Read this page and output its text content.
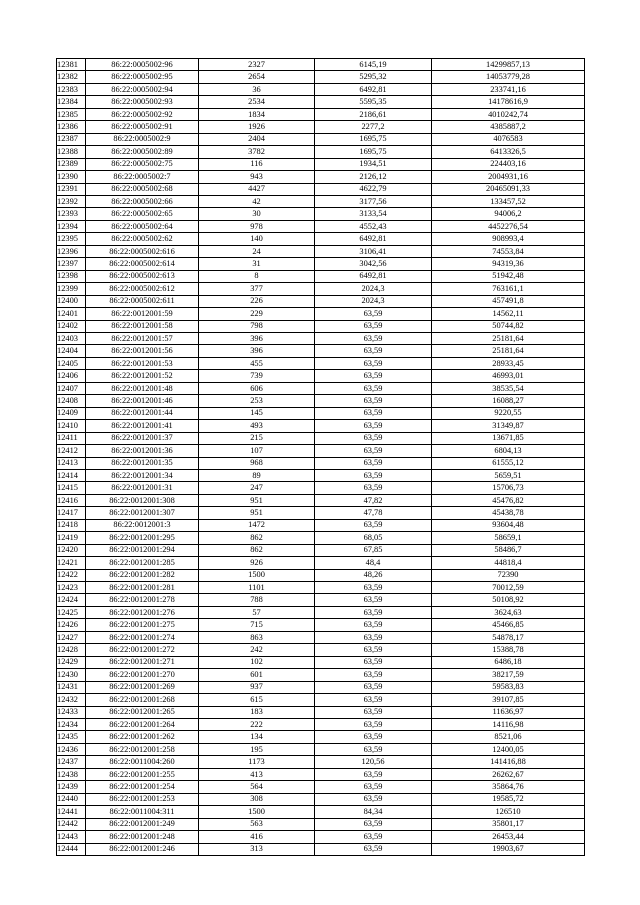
12381	86:22:0005002:96	2327	6145,19	14299857,13
12382	86:22:0005002:95	2654	5295,32	14053779,28
12383	86:22:0005002:94	36	6492,81	233741,16
12384	86:22:0005002:93	2534	5595,35	14178616,9
12385	86:22:0005002:92	1834	2186,61	4010242,74
12386	86:22:0005002:91	1926	2277,2	4385887,2
12387	86:22:0005002:9	2404	1695,75	4076583
12388	86:22:0005002:89	3782	1695,75	6413326,5
12389	86:22:0005002:75	116	1934,51	224403,16
12390	86:22:0005002:7	943	2126,12	2004931,16
12391	86:22:0005002:68	4427	4622,79	20465091,33
12392	86:22:0005002:66	42	3177,56	133457,52
12393	86:22:0005002:65	30	3133,54	94006,2
12394	86:22:0005002:64	978	4552,43	4452276,54
12395	86:22:0005002:62	140	6492,81	908993,4
12396	86:22:0005002:616	24	3106,41	74553,84
12397	86:22:0005002:614	31	3042,56	94319,36
12398	86:22:0005002:613	8	6492,81	51942,48
12399	86:22:0005002:612	377	2024,3	763161,1
12400	86:22:0005002:611	226	2024,3	457491,8
12401	86:22:0012001:59	229	63,59	14562,11
12402	86:22:0012001:58	798	63,59	50744,82
12403	86:22:0012001:57	396	63,59	25181,64
12404	86:22:0012001:56	396	63,59	25181,64
12405	86:22:0012001:53	455	63,59	28933,45
12406	86:22:0012001:52	739	63,59	46993,01
12407	86:22:0012001:48	606	63,59	38535,54
12408	86:22:0012001:46	253	63,59	16088,27
12409	86:22:0012001:44	145	63,59	9220,55
12410	86:22:0012001:41	493	63,59	31349,87
12411	86:22:0012001:37	215	63,59	13671,85
12412	86:22:0012001:36	107	63,59	6804,13
12413	86:22:0012001:35	968	63,59	61555,12
12414	86:22:0012001:34	89	63,59	5659,51
12415	86:22:0012001:31	247	63,59	15706,73
12416	86:22:0012001:308	951	47,82	45476,82
12417	86:22:0012001:307	951	47,78	45438,78
12418	86:22:0012001:3	1472	63,59	93604,48
12419	86:22:0012001:295	862	68,05	58659,1
12420	86:22:0012001:294	862	67,85	58486,7
12421	86:22:0012001:285	926	48,4	44818,4
12422	86:22:0012001:282	1500	48,26	72390
12423	86:22:0012001:281	1101	63,59	70012,59
12424	86:22:0012001:278	788	63,59	50108,92
12425	86:22:0012001:276	57	63,59	3624,63
12426	86:22:0012001:275	715	63,59	45466,85
12427	86:22:0012001:274	863	63,59	54878,17
12428	86:22:0012001:272	242	63,59	15388,78
12429	86:22:0012001:271	102	63,59	6486,18
12430	86:22:0012001:270	601	63,59	38217,59
12431	86:22:0012001:269	937	63,59	59583,83
12432	86:22:0012001:268	615	63,59	39107,85
12433	86:22:0012001:265	183	63,59	11636,97
12434	86:22:0012001:264	222	63,59	14116,98
12435	86:22:0012001:262	134	63,59	8521,06
12436	86:22:0012001:258	195	63,59	12400,05
12437	86:22:0011004:260	1173	120,56	141416,88
12438	86:22:0012001:255	413	63,59	26262,67
12439	86:22:0012001:254	564	63,59	35864,76
12440	86:22:0012001:253	308	63,59	19585,72
12441	86:22:0011004:311	1500	84,34	126510
12442	86:22:0012001:249	563	63,59	35801,17
12443	86:22:0012001:248	416	63,59	26453,44
12444	86:22:0012001:246	313	63,59	19903,67
